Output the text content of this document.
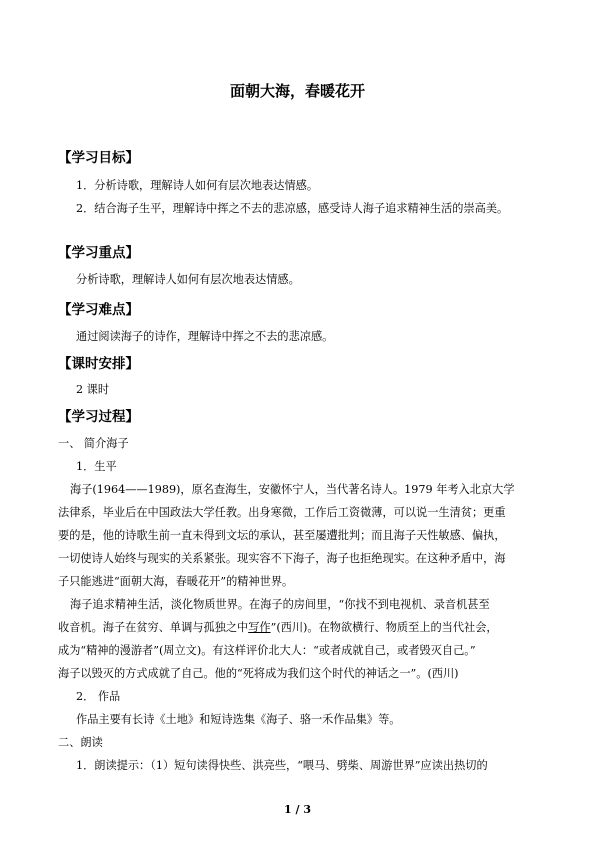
面朝大海，春暖花开
【学习目标】
1．分析诗歌，理解诗人如何有层次地表达情感。
2．结合海子生平，理解诗中挥之不去的悲凉感，感受诗人海子追求精神生活的崇高美。
【学习重点】
分析诗歌，理解诗人如何有层次地表达情感。
【学习难点】
通过阅读海子的诗作，理解诗中挥之不去的悲凉感。
【课时安排】
2 课时
【学习过程】
一、 简介海子
1．生平
海子(1964——1989)，原名查海生，安徽怀宁人，当代著名诗人。1979 年考入北京大学
法律系，毕业后在中国政法大学任教。出身寒微，工作后工资微薄，可以说一生清贫；更重
要的是，他的诗歌生前一直未得到文坛的承认，甚至屡遭批判；而且海子天性敏感、偏执，
一切使诗人始终与现实的关系紧张。现实容不下海子，海子也拒绝现实。在这种矛盾中，海
子只能逃进“面朝大海，春暖花开”的精神世界。
海子追求精神生活，淡化物质世界。在海子的房间里，“你找不到电视机、录音机甚至
收音机。海子在贫穷、单调与孤独之中写作”(西川)。在物欲横行、物质至上的当代社会，
成为“精神的漫游者”(周立文)。有这样评价北大人：“或者成就自己，或者毁灭自己。”
海子以毁灭的方式成就了自己。他的“死将成为我们这个时代的神话之一”。(西川)
2． 作品
作品主要有长诗《土地》和短诗选集《海子、骆一禾作品集》等。
二、朗读
1．朗读提示：（1）短句读得快些、洪亮些，“喂马、劈柴、周游世界”应读出热切的
1 / 3
